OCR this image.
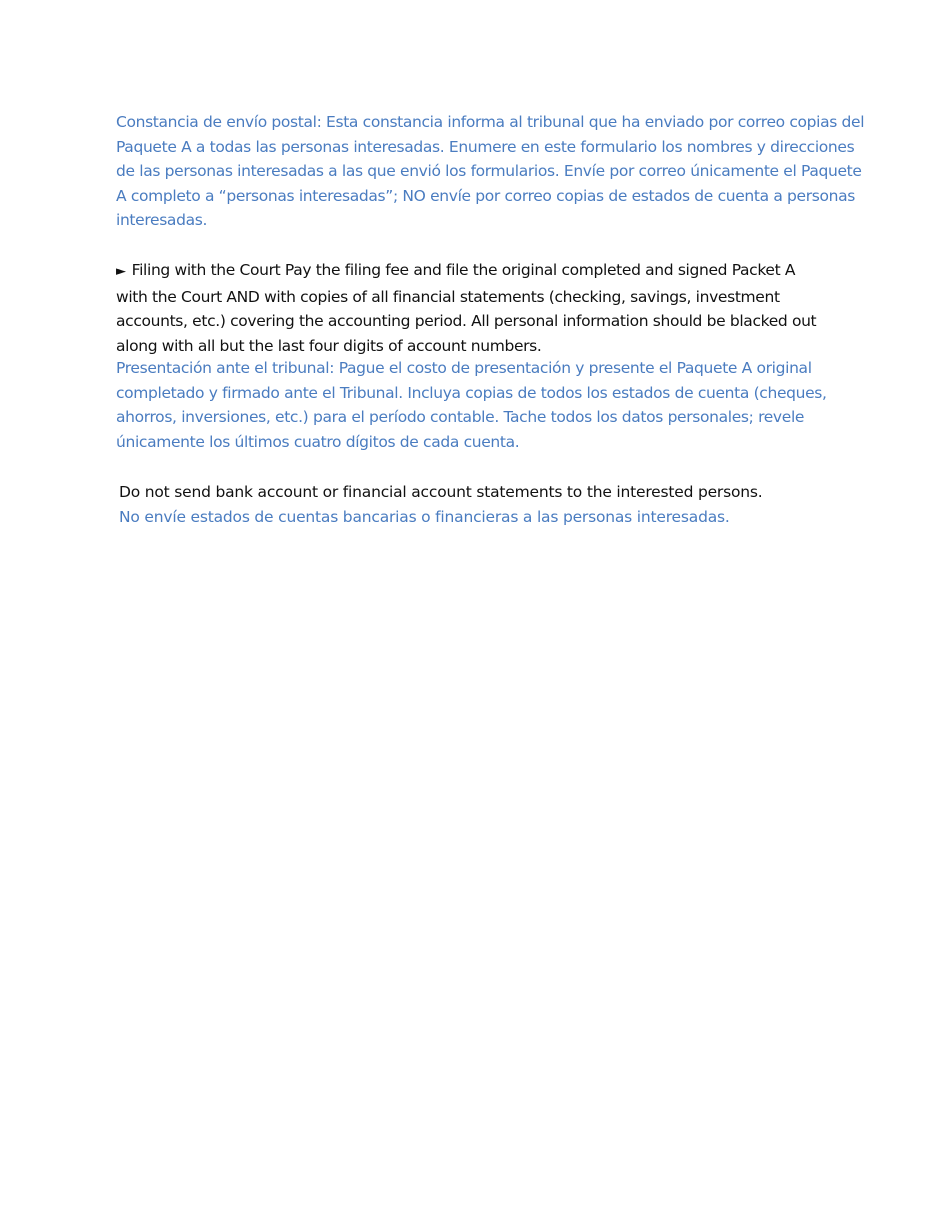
Constancia de envío postal: Esta constancia informa al tribunal que ha enviado por correo copias del Paquete A a todas las personas interesadas. Enumere en este formulario los nombres y direcciones de las personas interesadas a las que envió los formularios. Envíe por correo únicamente el Paquete A completo a “personas interesadas”; NO envíe por correo copias de estados de cuenta a personas interesadas.

► Filing with the Court Pay the filing fee and file the original completed and signed Packet A with the Court AND with copies of all financial statements (checking, savings, investment accounts, etc.) covering the accounting period. All personal information should be blacked out along with all but the last four digits of account numbers.

Presentación ante el tribunal: Pague el costo de presentación y presente el Paquete A original completado y firmado ante el Tribunal. Incluya copias de todos los estados de cuenta (cheques, ahorros, inversiones, etc.) para el período contable. Tache todos los datos personales; revele únicamente los últimos cuatro dígitos de cada cuenta.

Do not send bank account or financial account statements to the interested persons.

No envíe estados de cuentas bancarias o financieras a las personas interesadas.
